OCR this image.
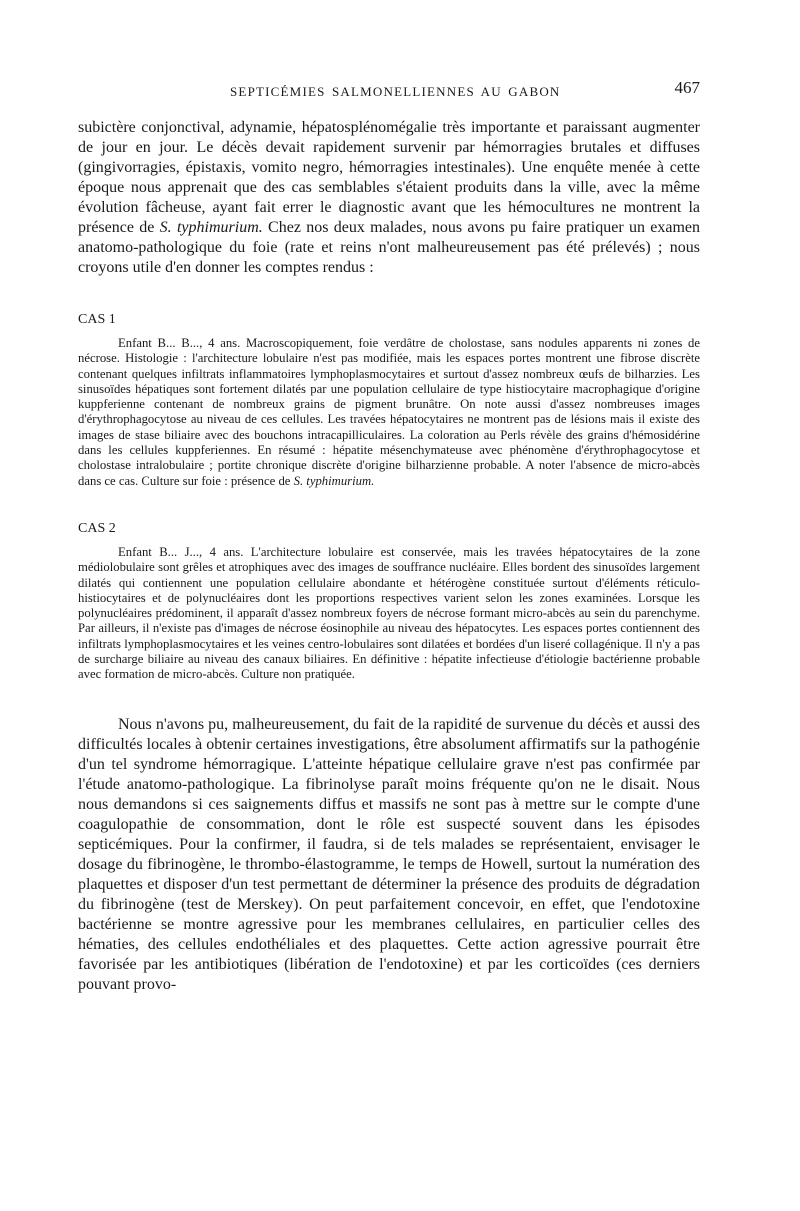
SEPTICÉMIES SALMONELLIENNES AU GABON	467

subictère conjonctival, adynamie, hépatosplénomégalie très importante et paraissant augmenter de jour en jour. Le décès devait rapidement survenir par hémorragies brutales et diffuses (gingivorragies, épistaxis, vomito negro, hémorragies intestinales). Une enquête menée à cette époque nous apprenait que des cas semblables s'étaient produits dans la ville, avec la même évolution fâcheuse, ayant fait errer le diagnostic avant que les hémocultures ne montrent la présence de S. typhimurium. Chez nos deux malades, nous avons pu faire pratiquer un examen anatomo-pathologique du foie (rate et reins n'ont malheureusement pas été prélevés) ; nous croyons utile d'en donner les comptes rendus :

CAS 1

Enfant B... B..., 4 ans. Macroscopiquement, foie verdâtre de cholostase, sans nodules apparents ni zones de nécrose. Histologie : l'architecture lobulaire n'est pas modifiée, mais les espaces portes montrent une fibrose discrète contenant quelques infiltrats inflammatoires lymphoplasmocytaires et surtout d'assez nombreux œufs de bilharzies. Les sinusoïdes hépatiques sont fortement dilatés par une population cellulaire de type histiocytaire macrophagique d'origine kuppferienne contenant de nombreux grains de pigment brunâtre. On note aussi d'assez nombreuses images d'érythrophagocytose au niveau de ces cellules. Les travées hépatocytaires ne montrent pas de lésions mais il existe des images de stase biliaire avec des bouchons intracapilliculaires. La coloration au Perls révèle des grains d'hémosidérine dans les cellules kuppferiennes. En résumé : hépatite mésenchymateuse avec phénomène d'érythrophagocytose et cholostase intralobulaire ; portite chronique discrète d'origine bilharzienne probable. A noter l'absence de micro-abcès dans ce cas. Culture sur foie : présence de S. typhimurium.

CAS 2

Enfant B... J..., 4 ans. L'architecture lobulaire est conservée, mais les travées hépatocytaires de la zone médiolobulaire sont grêles et atrophiques avec des images de souffrance nucléaire. Elles bordent des sinusoïdes largement dilatés qui contiennent une population cellulaire abondante et hétérogène constituée surtout d'éléments réticulo-histiocytaires et de polynucléaires dont les proportions respectives varient selon les zones examinées. Lorsque les polynucléaires prédominent, il apparaît d'assez nombreux foyers de nécrose formant micro-abcès au sein du parenchyme. Par ailleurs, il n'existe pas d'images de nécrose éosinophile au niveau des hépatocytes. Les espaces portes contiennent des infiltrats lymphoplasmocytaires et les veines centro-lobulaires sont dilatées et bordées d'un liseré collagénique. Il n'y a pas de surcharge biliaire au niveau des canaux biliaires. En définitive : hépatite infectieuse d'étiologie bactérienne probable avec formation de micro-abcès. Culture non pratiquée.

Nous n'avons pu, malheureusement, du fait de la rapidité de survenue du décès et aussi des difficultés locales à obtenir certaines investigations, être absolument affirmatifs sur la pathogénie d'un tel syndrome hémorragique. L'atteinte hépatique cellulaire grave n'est pas confirmée par l'étude anatomo-pathologique. La fibrinolyse paraît moins fréquente qu'on ne le disait. Nous nous demandons si ces saignements diffus et massifs ne sont pas à mettre sur le compte d'une coagulopathie de consommation, dont le rôle est suspecté souvent dans les épisodes septicémiques. Pour la confirmer, il faudra, si de tels malades se représentaient, envisager le dosage du fibrinogène, le thrombo-élastogramme, le temps de Howell, surtout la numération des plaquettes et disposer d'un test permettant de déterminer la présence des produits de dégradation du fibrinogène (test de Merskey). On peut parfaitement concevoir, en effet, que l'endotoxine bactérienne se montre agressive pour les membranes cellulaires, en particulier celles des hématies, des cellules endothéliales et des plaquettes. Cette action agressive pourrait être favorisée par les antibiotiques (libération de l'endotoxine) et par les corticoïdes (ces derniers pouvant provo-
